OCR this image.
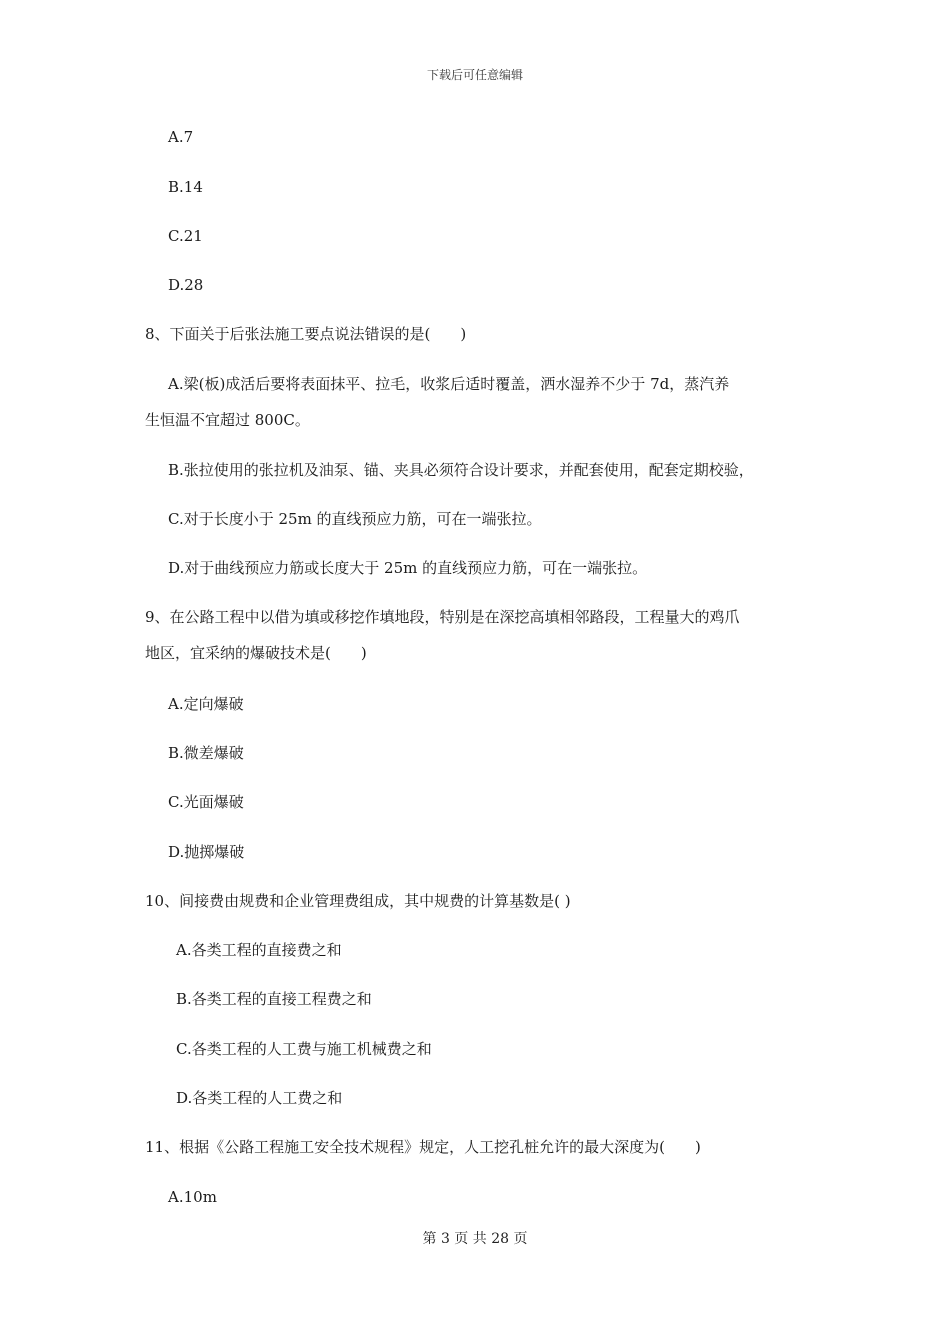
下载后可任意编辑
A.7
B.14
C.21
D.28
8、下面关于后张法施工要点说法错误的是(　　)
A.梁(板)成活后要将表面抹平、拉毛，收浆后适时覆盖，洒水湿养不少于 7d，蒸汽养
生恒温不宜超过 800C。
B.张拉使用的张拉机及油泵、锚、夹具必须符合设计要求，并配套使用，配套定期校验，
C.对于长度小于 25m 的直线预应力筋，可在一端张拉。
D.对于曲线预应力筋或长度大于 25m 的直线预应力筋，可在一端张拉。
9、在公路工程中以借为填或移挖作填地段，特别是在深挖高填相邻路段，工程量大的鸡爪
地区，宜采纳的爆破技术是(　　)
A.定向爆破
B.微差爆破
C.光面爆破
D.抛掷爆破
10、间接费由规费和企业管理费组成，其中规费的计算基数是( )
A.各类工程的直接费之和
B.各类工程的直接工程费之和
C.各类工程的人工费与施工机械费之和
D.各类工程的人工费之和
11、根据《公路工程施工安全技术规程》规定，人工挖孔桩允许的最大深度为(　　)
A.10m
第 3 页 共 28 页
